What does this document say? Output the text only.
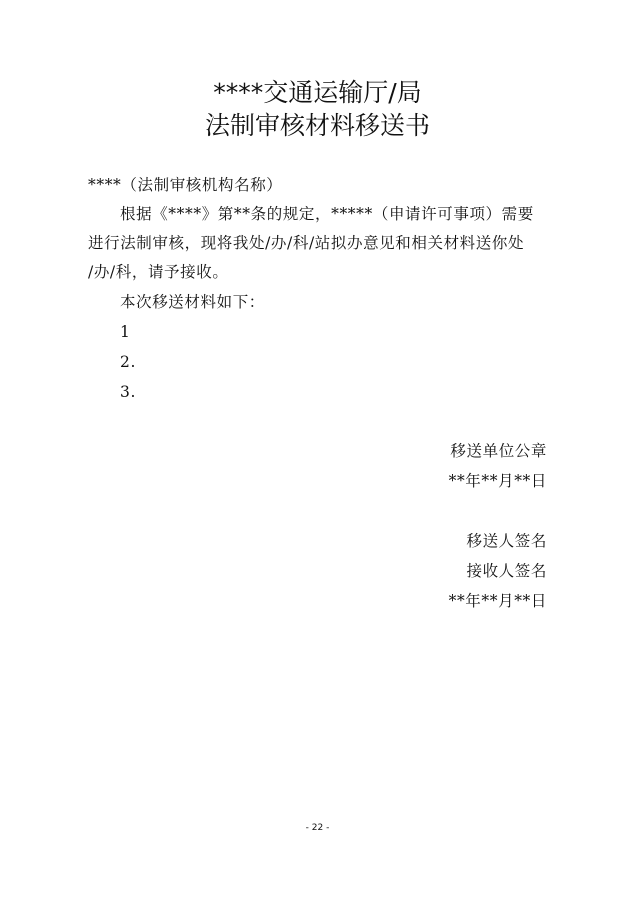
****交通运输厅/局
法制审核材料移送书
****（法制审核机构名称）
根据《****》第**条的规定，*****（申请许可事项）需要
进行法制审核，现将我处/办/科/站拟办意见和相关材料送你处
/办/科，请予接收。
本次移送材料如下：
1
2.
3.
移送单位公章
**年**月**日
移送人签名
接收人签名
**年**月**日
- 22 -
